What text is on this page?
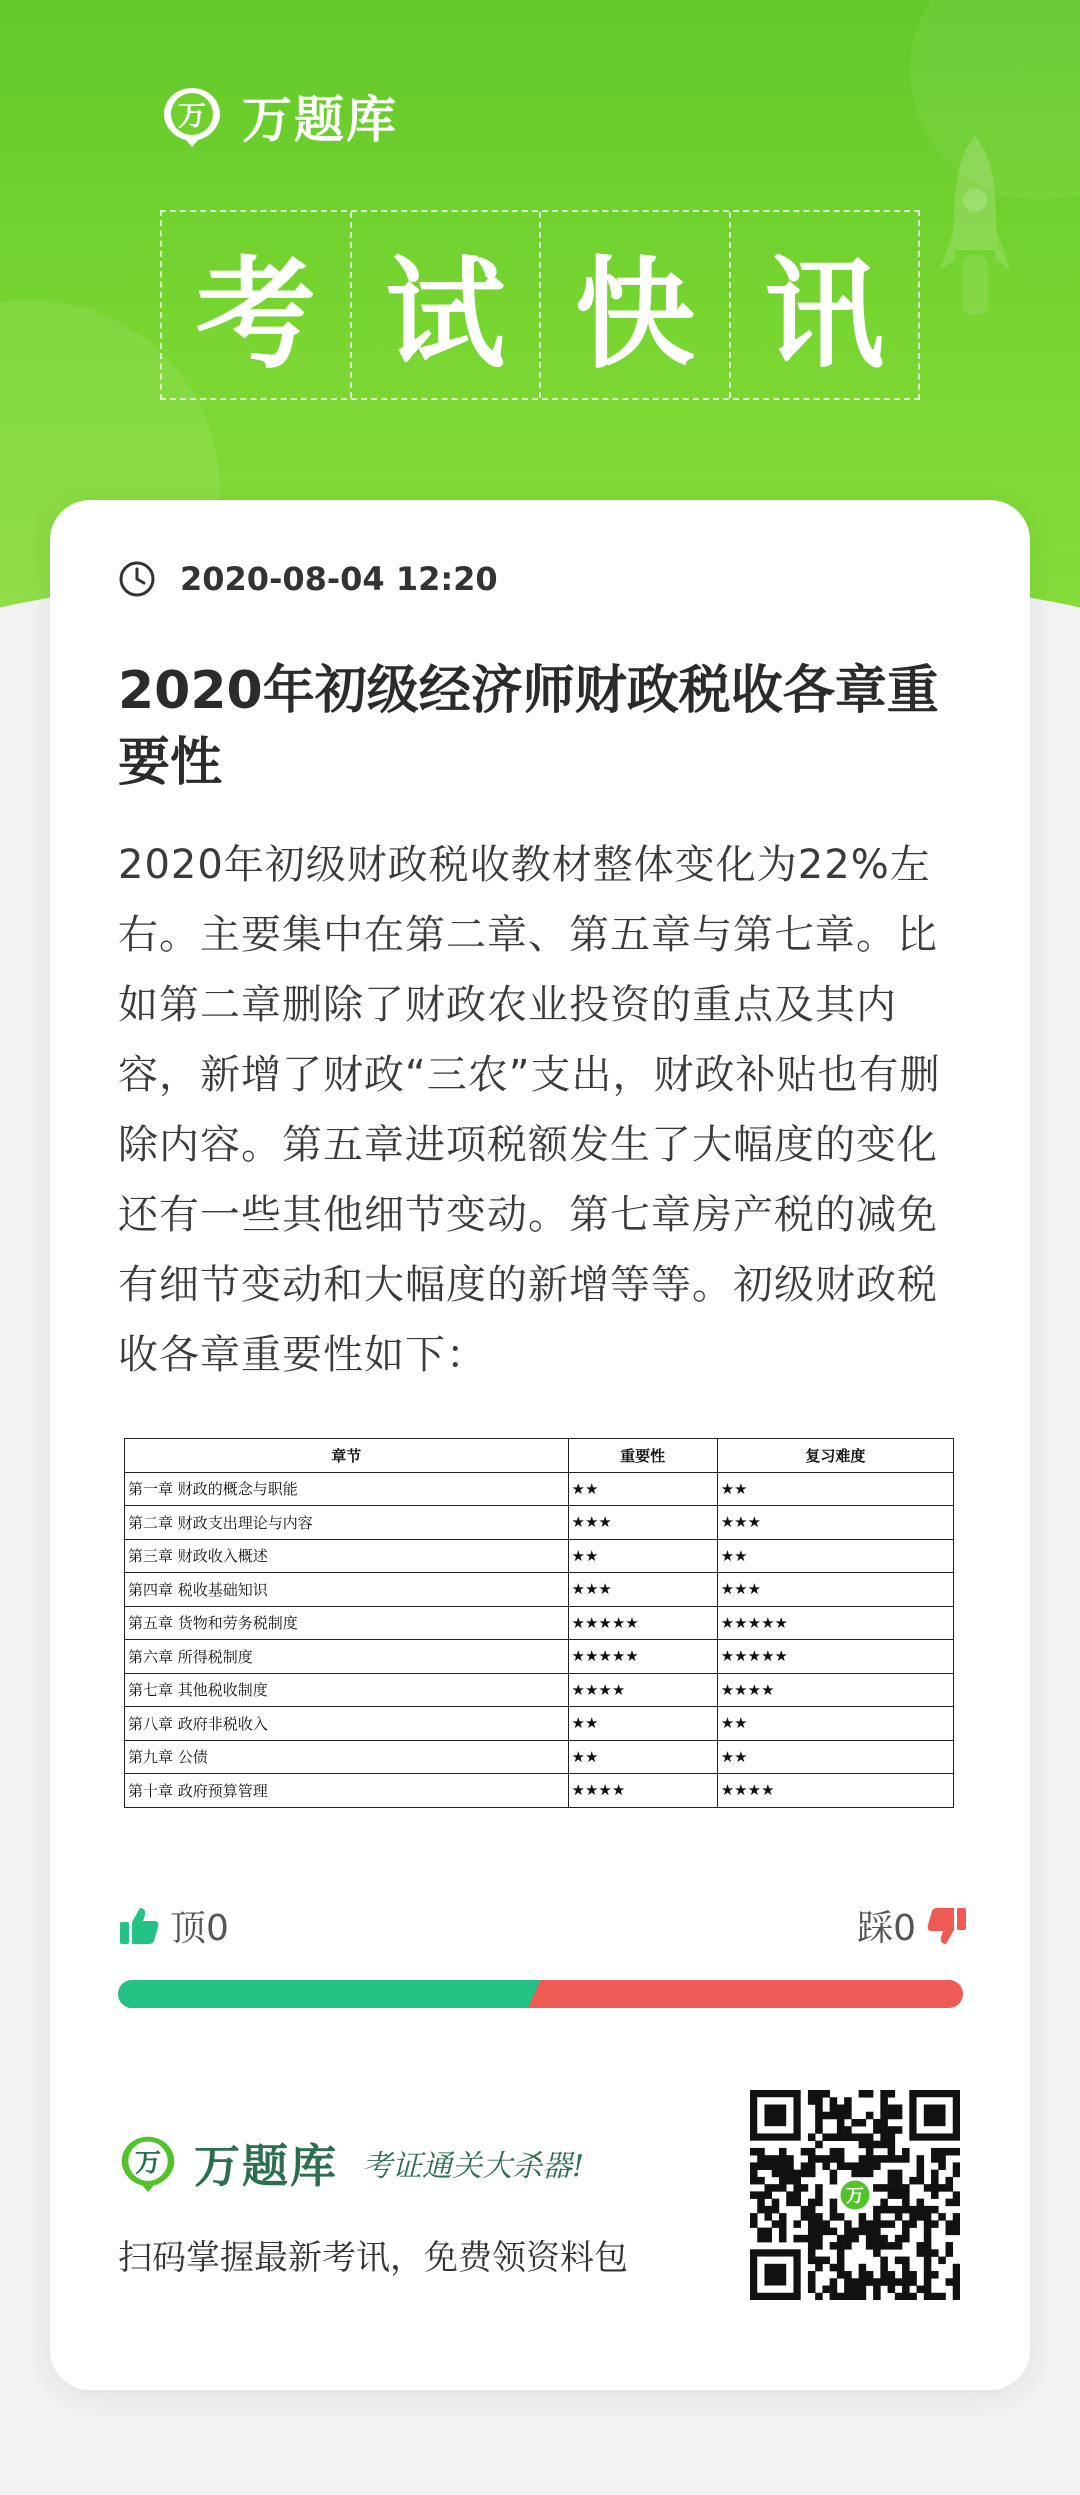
万 万题库
考 试 快 讯
2020-08-04 12:20
2020年初级经济师财政税收各章重要性
2020年初级财政税收教材整体变化为22%左右。主要集中在第二章、第五章与第七章。比如第二章删除了财政农业投资的重点及其内容，新增了财政“三农”支出，财政补贴也有删除内容。第五章进项税额发生了大幅度的变化还有一些其他细节变动。第七章房产税的减免有细节变动和大幅度的新增等等。初级财政税收各章重要性如下：
章节	重要性	复习难度
第一章 财政的概念与职能	★★	★★
第二章 财政支出理论与内容	★★★	★★★
第三章 财政收入概述	★★	★★
第四章 税收基础知识	★★★	★★★
第五章 货物和劳务税制度	★★★★★	★★★★★
第六章 所得税制度	★★★★★	★★★★★
第七章 其他税收制度	★★★★	★★★★
第八章 政府非税收入	★★	★★
第九章 公债	★★	★★
第十章 政府预算管理	★★★★	★★★★
顶0	踩0
万 万题库 考证通关大杀器!
扫码掌握最新考讯，免费领资料包
万
